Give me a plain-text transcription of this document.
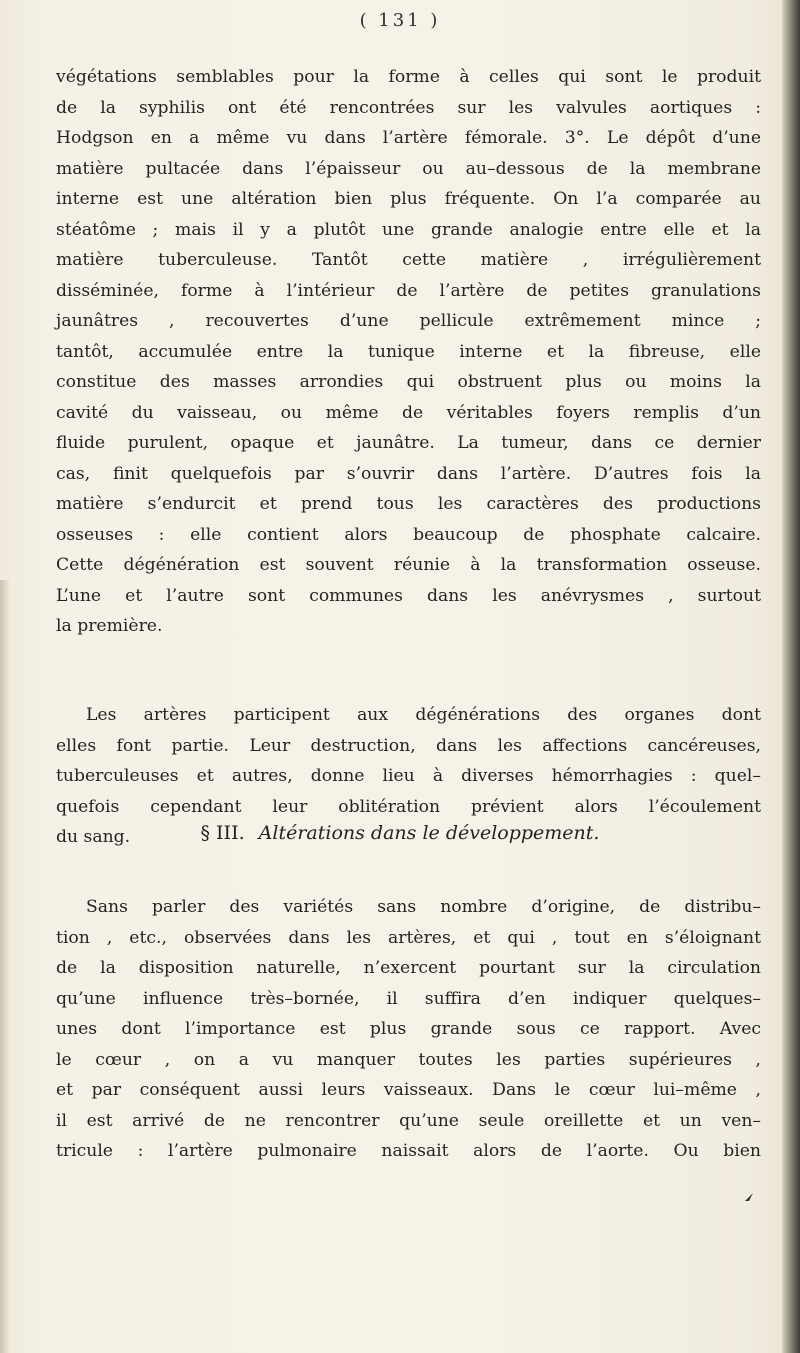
( 131 )
végétations semblables pour la forme à celles qui sont le produit
de la syphilis ont été rencontrées sur les valvules aortiques :
Hodgson en a même vu dans l’artère fémorale. 3°. Le dépôt d’une
matière pultacée dans l’épaisseur ou au–dessous de la membrane
interne est une altération bien plus fréquente. On l’a comparée au
stéatôme ; mais il y a plutôt une grande analogie entre elle et la
matière tuberculeuse. Tantôt cette matière , irrégulièrement
disséminée, forme à l’intérieur de l’artère de petites granulations
jaunâtres , recouvertes d’une pellicule extrêmement mince ;
tantôt, accumulée entre la tunique interne et la fibreuse, elle
constitue des masses arrondies qui obstruent plus ou moins la
cavité du vaisseau, ou même de véritables foyers remplis d’un
fluide purulent, opaque et jaunâtre. La tumeur, dans ce dernier
cas, finit quelquefois par s’ouvrir dans l’artère. D’autres fois la
matière s’endurcit et prend tous les caractères des productions
osseuses : elle contient alors beaucoup de phosphate calcaire.
Cette dégénération est souvent réunie à la transformation osseuse.
L’une et l’autre sont communes dans les anévrysmes , surtout
la première.
Les artères participent aux dégénérations des organes dont
elles font partie. Leur destruction, dans les affections cancéreuses,
tuberculeuses et autres, donne lieu à diverses hémorrhagies : quel–
quefois cependant leur oblitération prévient alors l’écoulement
du sang.	§ III. Altérations dans le développement.
Sans parler des variétés sans nombre d’origine, de distribu–
tion , etc., observées dans les artères, et qui , tout en s’éloignant
de la disposition naturelle, n’exercent pourtant sur la circulation
qu’une influence très–bornée, il suffira d’en indiquer quelques–
unes dont l’importance est plus grande sous ce rapport. Avec
le cœur , on a vu manquer toutes les parties supérieures ,
et par conséquent aussi leurs vaisseaux. Dans le cœur lui–même ,
il est arrivé de ne rencontrer qu’une seule oreillette et un ven–
tricule : l’artère pulmonaire naissait alors de l’aorte. Ou bien
